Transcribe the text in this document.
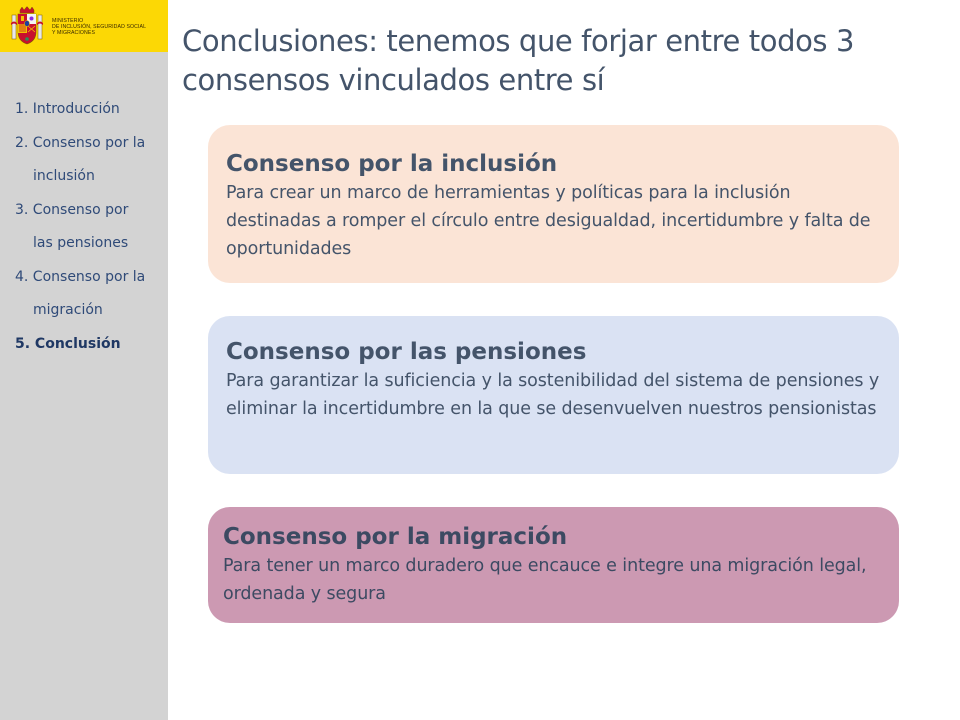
MINISTERIO
DE INCLUSIÓN, SEGURIDAD SOCIAL
Y MIGRACIONES
1. Introducción
2. Consenso por la
inclusión
3. Consenso por
las pensiones
4. Consenso por la
migración
5. Conclusión
Conclusiones: tenemos que forjar entre todos 3 consensos vinculados entre sí

Consenso por la inclusión

Para crear un marco de herramientas y políticas para la inclusión destinadas a romper el círculo entre desigualdad, incertidumbre y falta de oportunidades

Consenso por las pensiones

Para garantizar la suficiencia y la sostenibilidad del sistema de pensiones y eliminar la incertidumbre en la que se desenvuelven nuestros pensionistas

Consenso por la migración

Para tener un marco duradero que encauce e integre una migración legal, ordenada y segura
